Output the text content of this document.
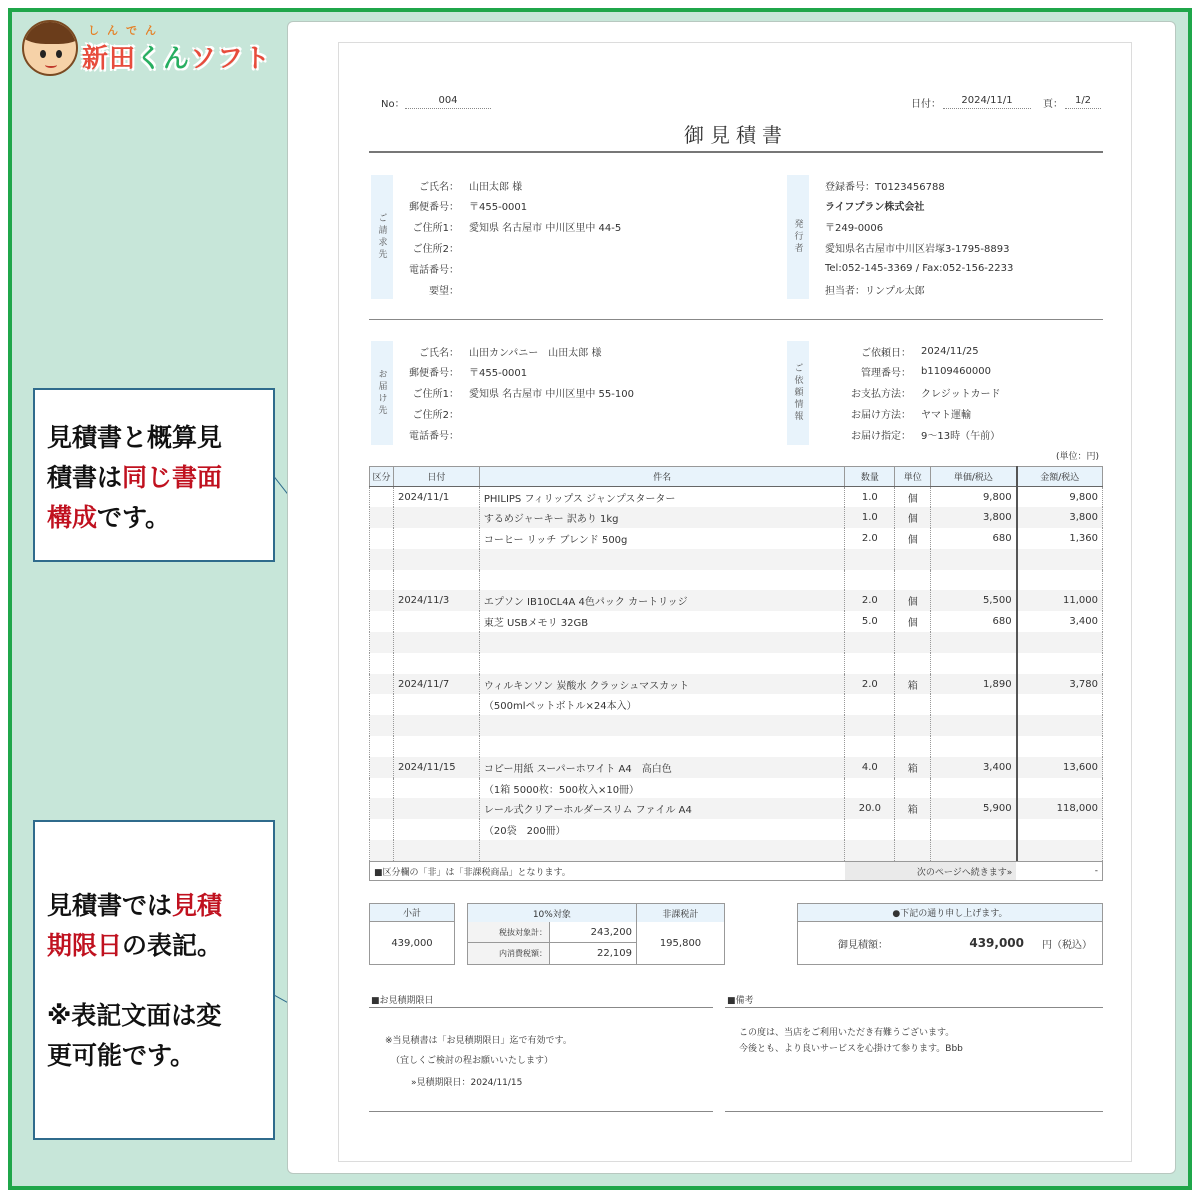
しんでん
新田くんソフト
見積書と概算見
積書は同じ書面
構成です。
見積書では見積
期限日の表記。
※表記文面は変
更可能です。
No：	004	日付：	2024/11/1	頁：	1/2
御見積書
ご請求先
ご氏名：	山田太郎 様
郵便番号：	〒455-0001
ご住所1：	愛知県 名古屋市 中川区里中 44-5
ご住所2：
電話番号：
要望：
発行者
登録番号：T0123456788
ライフプラン株式会社
〒249-0006
愛知県名古屋市中川区岩塚3-1795-8893
Tel:052-145-3369 / Fax:052-156-2233
担当者：リンプル太郎
お届け先
ご氏名：	山田カンパニー　山田太郎 様
郵便番号：	〒455-0001
ご住所1：	愛知県 名古屋市 中川区里中 55-100
ご住所2：
電話番号：
ご依頼情報
ご依頼日：	2024/11/25
管理番号：	b1109460000
お支払方法：	クレジットカード
お届け方法：	ヤマト運輸
お届け指定：	9～13時（午前）
(単位：円)
区分	日付	件名	数量	単位	単価/税込	金額/税込
	2024/11/1	PHILIPS フィリップス ジャンプスターター	1.0	個	9,800	9,800
		するめジャーキー 訳あり 1kg	1.0	個	3,800	3,800
		コーヒー リッチ ブレンド 500g	2.0	個	680	1,360

	2024/11/3	エプソン IB10CL4A 4色パック カートリッジ	2.0	個	5,500	11,000
		東芝 USBメモリ 32GB	5.0	個	680	3,400

	2024/11/7	ウィルキンソン 炭酸水 クラッシュマスカット	2.0	箱	1,890	3,780
		（500mlペットボトル×24本入）				

	2024/11/15	コピー用紙 スーパーホワイト A4　高白色	4.0	箱	3,400	13,600
		（1箱 5000枚：500枚入×10冊）				
		レール式クリアーホルダースリム ファイル A4	20.0	箱	5,900	118,000
		（20袋　200冊）				

■区分欄の「非」は「非課税商品」となります。	次のページへ続きます»	-
小計
439,000
10%対象	非課税計
税抜対象計：	243,200
内消費税額：	22,109
195,800
●下記の通り申し上げます。
御見積額：	439,000	円（税込）
■お見積期限日
※当見積書は「お見積期限日」迄で有効です。
（宜しくご検討の程お願いいたします）
»見積期限日：2024/11/15
■備考
この度は、当店をご利用いただき有難うございます。
今後とも、より良いサービスを心掛けて参ります。Bbb
